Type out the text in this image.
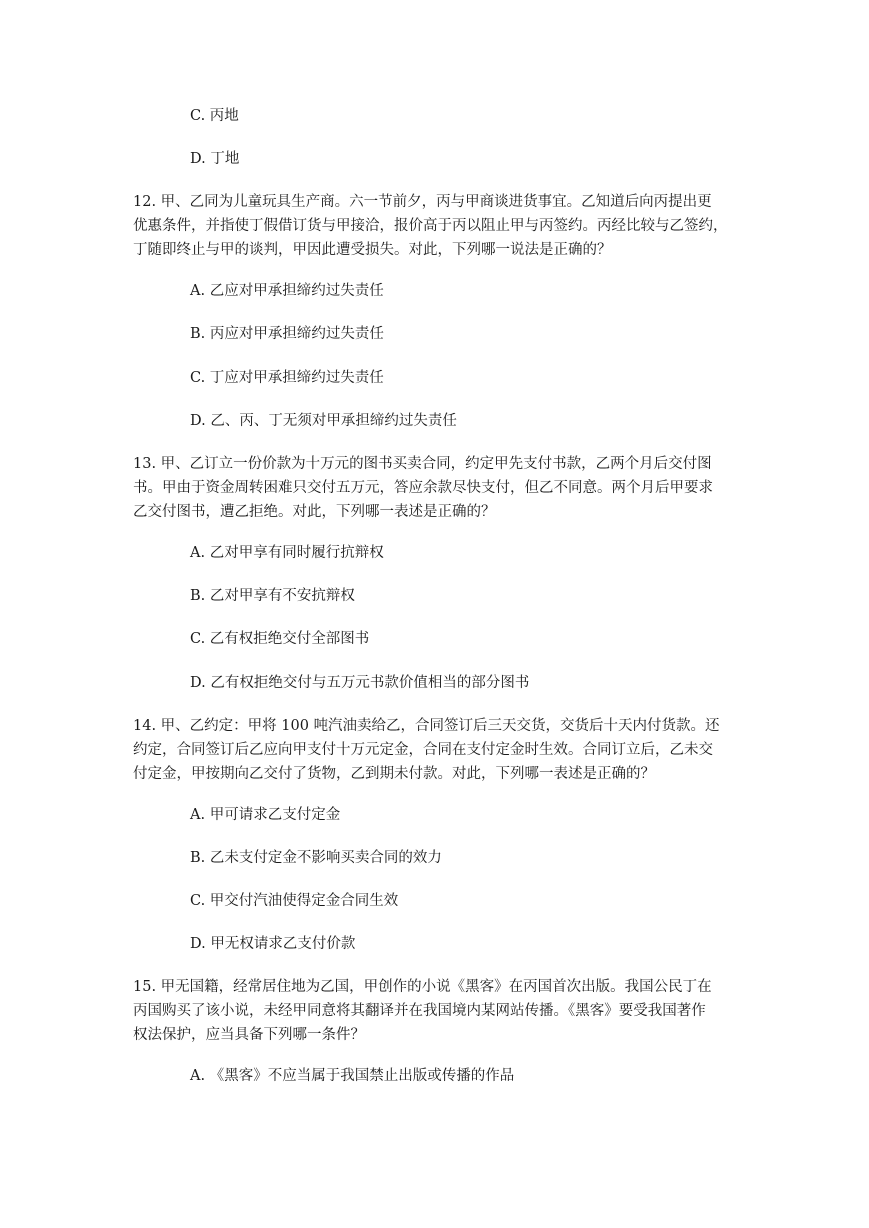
C. 丙地
D. 丁地
12. 甲、乙同为儿童玩具生产商。六一节前夕，丙与甲商谈进货事宜。乙知道后向丙提出更
优惠条件，并指使丁假借订货与甲接洽，报价高于丙以阻止甲与丙签约。丙经比较与乙签约，
丁随即终止与甲的谈判，甲因此遭受损失。对此，下列哪一说法是正确的？
A. 乙应对甲承担缔约过失责任
B. 丙应对甲承担缔约过失责任
C. 丁应对甲承担缔约过失责任
D. 乙、丙、丁无须对甲承担缔约过失责任
13. 甲、乙订立一份价款为十万元的图书买卖合同，约定甲先支付书款，乙两个月后交付图
书。甲由于资金周转困难只交付五万元，答应余款尽快支付，但乙不同意。两个月后甲要求
乙交付图书，遭乙拒绝。对此，下列哪一表述是正确的？
A. 乙对甲享有同时履行抗辩权
B. 乙对甲享有不安抗辩权
C. 乙有权拒绝交付全部图书
D. 乙有权拒绝交付与五万元书款价值相当的部分图书
14. 甲、乙约定：甲将 100 吨汽油卖给乙，合同签订后三天交货，交货后十天内付货款。还
约定，合同签订后乙应向甲支付十万元定金，合同在支付定金时生效。合同订立后，乙未交
付定金，甲按期向乙交付了货物，乙到期未付款。对此，下列哪一表述是正确的？
A. 甲可请求乙支付定金
B. 乙未支付定金不影响买卖合同的效力
C. 甲交付汽油使得定金合同生效
D. 甲无权请求乙支付价款
15. 甲无国籍，经常居住地为乙国，甲创作的小说《黑客》在丙国首次出版。我国公民丁在
丙国购买了该小说，未经甲同意将其翻译并在我国境内某网站传播。《黑客》要受我国著作
权法保护，应当具备下列哪一条件？
A. 《黑客》不应当属于我国禁止出版或传播的作品
